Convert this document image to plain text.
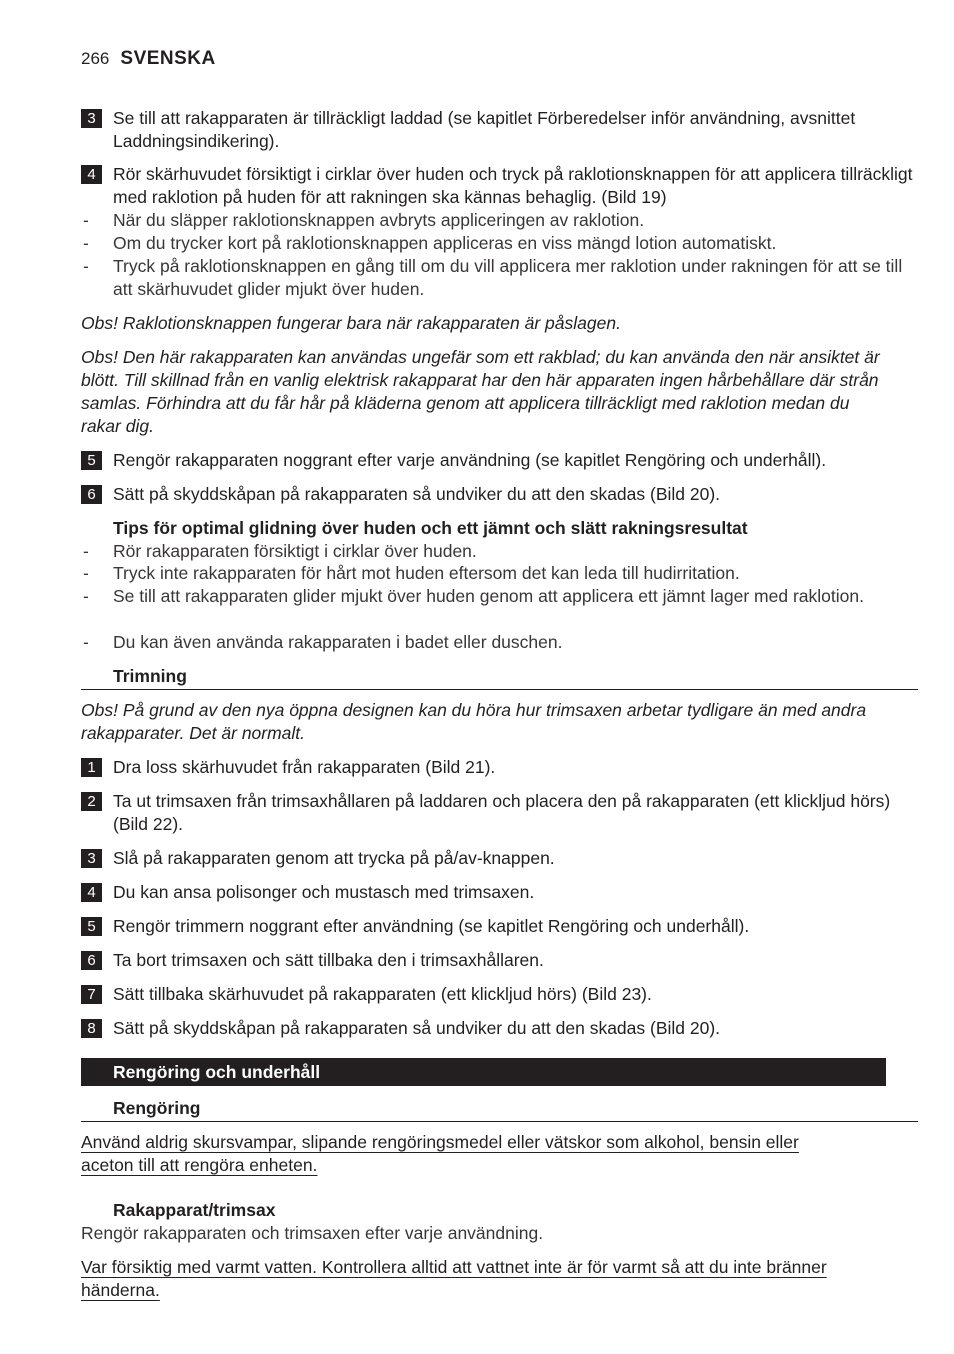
266 SVENSKA
3 Se till att rakapparaten är tillräckligt laddad (se kapitlet Förberedelser inför användning, avsnittet Laddningsindikering).
4 Rör skärhuvudet försiktigt i cirklar över huden och tryck på raklotionsknappen för att applicera tillräckligt med raklotion på huden för att rakningen ska kännas behaglig. (Bild 19)
- När du släpper raklotionsknappen avbryts appliceringen av raklotion.
- Om du trycker kort på raklotionsknappen appliceras en viss mängd lotion automatiskt.
- Tryck på raklotionsknappen en gång till om du vill applicera mer raklotion under rakningen för att se till att skärhuvudet glider mjukt över huden.
Obs! Raklotionsknappen fungerar bara när rakapparaten är påslagen.
Obs! Den här rakapparaten kan användas ungefär som ett rakblad; du kan använda den när ansiktet är blött. Till skillnad från en vanlig elektrisk rakapparat har den här apparaten ingen hårbehållare där strån samlas. Förhindra att du får hår på kläderna genom att applicera tillräckligt med raklotion medan du rakar dig.
5 Rengör rakapparaten noggrant efter varje användning (se kapitlet Rengöring och underhåll).
6 Sätt på skyddskåpan på rakapparaten så undviker du att den skadas (Bild 20).
Tips för optimal glidning över huden och ett jämnt och slätt rakningsresultat
- Rör rakapparaten försiktigt i cirklar över huden.
- Tryck inte rakapparaten för hårt mot huden eftersom det kan leda till hudirritation.
- Se till att rakapparaten glider mjukt över huden genom att applicera ett jämnt lager med raklotion.
- Du kan även använda rakapparaten i badet eller duschen.
Trimning
Obs! På grund av den nya öppna designen kan du höra hur trimsaxen arbetar tydligare än med andra rakapparater. Det är normalt.
1 Dra loss skärhuvudet från rakapparaten (Bild 21).
2 Ta ut trimsaxen från trimsaxhållaren på laddaren och placera den på rakapparaten (ett klickljud hörs) (Bild 22).
3 Slå på rakapparaten genom att trycka på på/av-knappen.
4 Du kan ansa polisonger och mustasch med trimsaxen.
5 Rengör trimmern noggrant efter användning (se kapitlet Rengöring och underhåll).
6 Ta bort trimsaxen och sätt tillbaka den i trimsaxhållaren.
7 Sätt tillbaka skärhuvudet på rakapparaten (ett klickljud hörs) (Bild 23).
8 Sätt på skyddskåpan på rakapparaten så undviker du att den skadas (Bild 20).
Rengöring och underhåll
Rengöring
Använd aldrig skursvampar, slipande rengöringsmedel eller vätskor som alkohol, bensin eller aceton till att rengöra enheten.
Rakapparat/trimsax
Rengör rakapparaten och trimsaxen efter varje användning.
Var försiktig med varmt vatten. Kontrollera alltid att vattnet inte är för varmt så att du inte bränner händerna.
